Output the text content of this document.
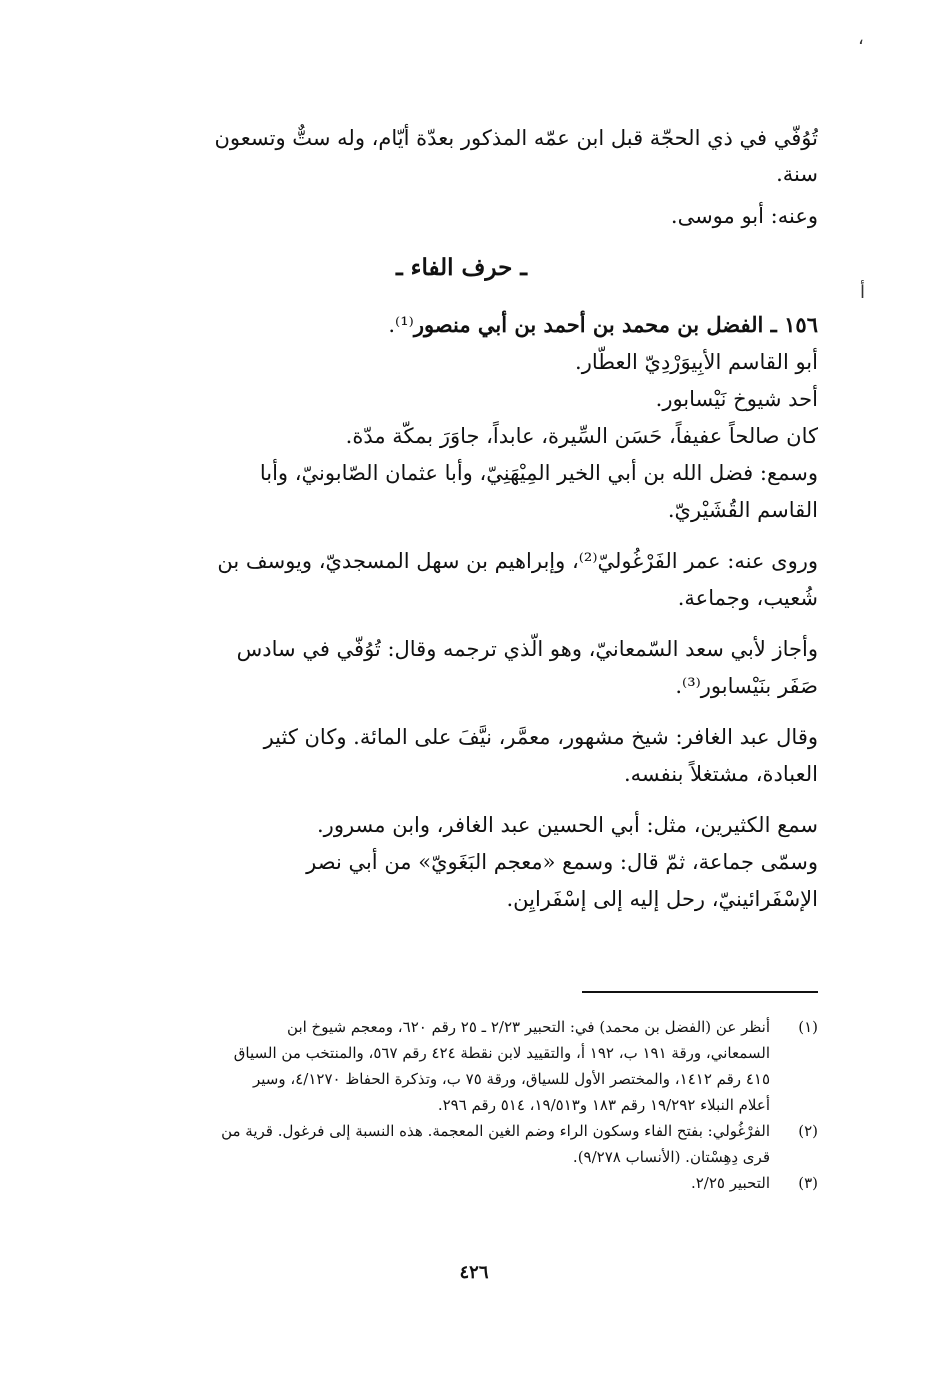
،
أ
تُوُفّي في ذي الحجّة قبل ابن عمّه المذكور بعدّة أيّام، وله ستٌّ وتسعون
سنة.
وعنه: أبو موسى.
ـ حرف الفاء ـ
١٥٦ ـ الفضل بن محمد بن أحمد بن أبي منصور⁽¹⁾.
أبو القاسم الأبِيوَرْدِيّ العطّار.
أحد شيوخ نَيْسابور.
كان صالحاً عفيفاً، حَسَن السِّيرة، عابداً، جاوَرَ بمكّة مدّة.
وسمع: فضل الله بن أبي الخير المِيْهَنِيّ، وأبا عثمان الصّابونيّ، وأبا
القاسم القُشَيْريّ.
وروى عنه: عمر الفَرْغُوليّ⁽²⁾، وإبراهيم بن سهل المسجديّ، ويوسف بن
شُعيب، وجماعة.
وأجاز لأبي سعد السّمعانيّ، وهو الّذي ترجمه وقال: تُوُفّي في سادس
صَفَر بنَيْسابور⁽³⁾.
وقال عبد الغافر: شيخ مشهور، معمَّر، نيَّفَ على المائة. وكان كثير
العبادة، مشتغلاً بنفسه.
سمع الكثيرين، مثل: أبي الحسين عبد الغافر، وابن مسرور.
وسمّى جماعة، ثمّ قال: وسمع «معجم البَغَويّ» من أبي نصر
الإسْفَرائينيّ، رحل إليه إلى إسْفَرايِن.
(١)
أنظر عن (الفضل بن محمد) في: التحبير ٢/٢٣ ـ ٢٥ رقم ٦٢٠، ومعجم شيوخ ابن
السمعاني، ورقة ١٩١ ب، ١٩٢ أ، والتقييد لابن نقطة ٤٢٤ رقم ٥٦٧، والمنتخب من السياق
٤١٥ رقم ١٤١٢، والمختصر الأول للسياق، ورقة ٧٥ ب، وتذكرة الحفاظ ٤/١٢٧٠، وسير
أعلام النبلاء ١٩/٢٩٢ رقم ١٨٣ و١٩/٥١٣، ٥١٤ رقم ٢٩٦.
(٢)
الفرْغُولي: بفتح الفاء وسكون الراء وضم الغين المعجمة. هذه النسبة إلى فرغول. قرية من
قرى دِهِسْتان. (الأنساب ٩/٢٧٨).
(٣)
التحبير ٢/٢٥.
٤٢٦
